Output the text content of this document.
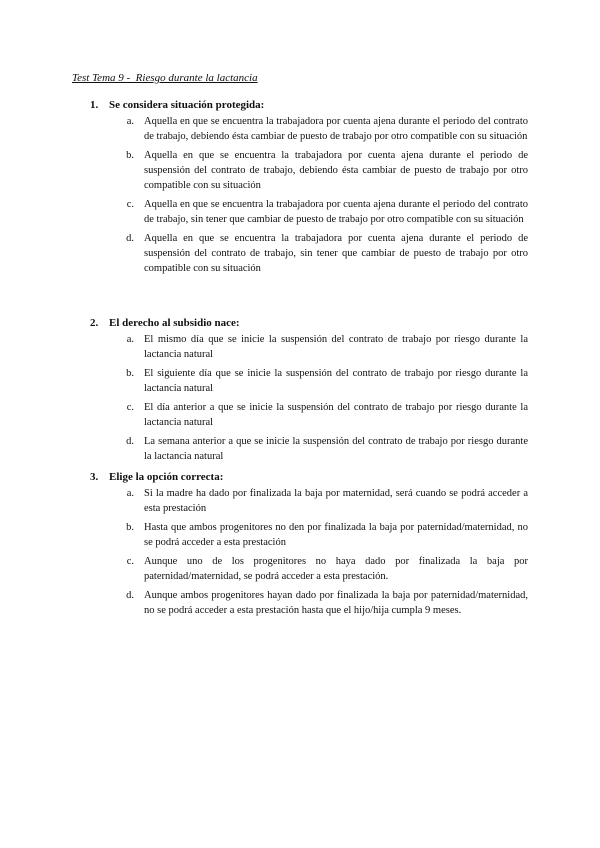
Test Tema 9 -  Riesgo durante la lactancia
1. Se considera situación protegida:
a. Aquella en que se encuentra la trabajadora por cuenta ajena durante el periodo del contrato de trabajo, debiendo ésta cambiar de puesto de trabajo por otro compatible con su situación
b. Aquella en que se encuentra la trabajadora por cuenta ajena durante el periodo de suspensión del contrato de trabajo, debiendo ésta cambiar de puesto de trabajo por otro compatible con su situación
c. Aquella en que se encuentra la trabajadora por cuenta ajena durante el periodo del contrato de trabajo, sin tener que cambiar de puesto de trabajo por otro compatible con su situación
d. Aquella en que se encuentra la trabajadora por cuenta ajena durante el periodo de suspensión del contrato de trabajo, sin tener que cambiar de puesto de trabajo por otro compatible con su situación
2. El derecho al subsidio nace:
a. El mismo día que se inicie la suspensión del contrato de trabajo por riesgo durante la lactancia natural
b. El siguiente día que se inicie la suspensión del contrato de trabajo por riesgo durante la lactancia natural
c. El día anterior a que se inicie la suspensión del contrato de trabajo por riesgo durante la lactancia natural
d. La semana anterior a que se inicie la suspensión del contrato de trabajo por riesgo durante la lactancia natural
3. Elige la opción correcta:
a. Si la madre ha dado por finalizada la baja por maternidad, será cuando se podrá acceder a esta prestación
b. Hasta que ambos progenitores no den por finalizada la baja por paternidad/maternidad, no se podrá acceder a esta prestación
c. Aunque uno de los progenitores no haya dado por finalizada la baja por paternidad/maternidad, se podrá acceder a esta prestación.
d. Aunque ambos progenitores hayan dado por finalizada la baja por paternidad/maternidad, no se podrá acceder a esta prestación hasta que el hijo/hija cumpla 9 meses.
